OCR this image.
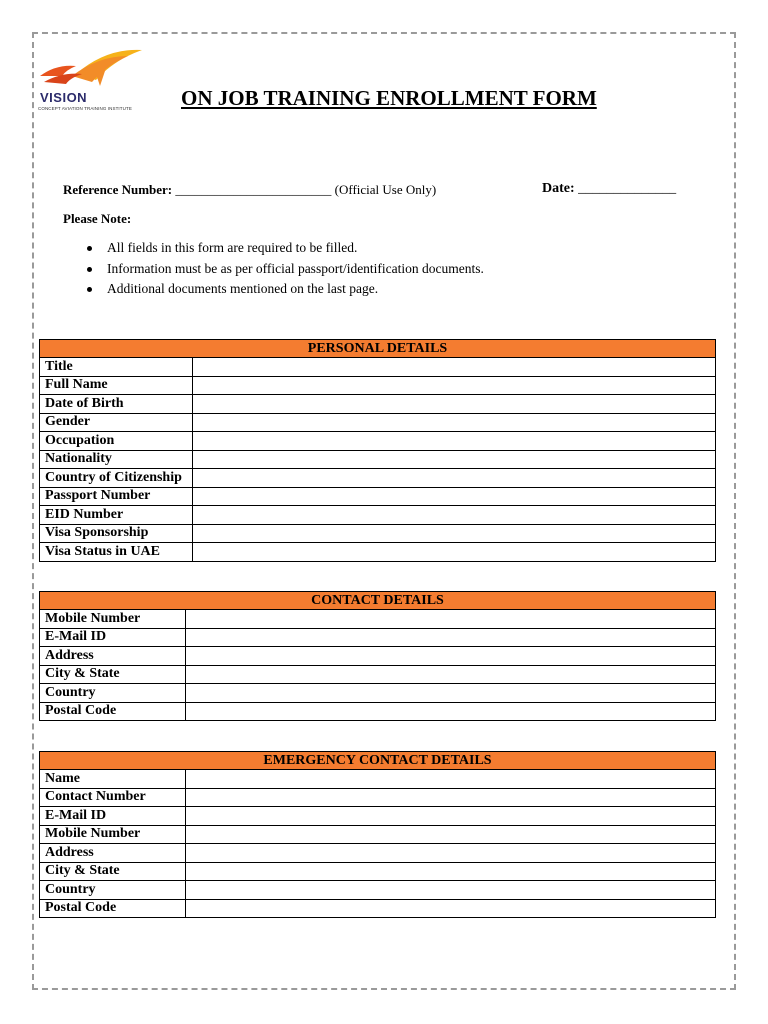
VISION
CONCEPT AVIATION TRAINING INSTITUTE ON JOB TRAINING ENROLLMENT FORM
Reference Number: ________________________ (Official Use Only)	Date: ______________
Please Note:
All fields in this form are required to be filled.
Information must be as per official passport/identification documents.
Additional documents mentioned on the last page.
PERSONAL DETAILS	
Title	
Full Name	
Date of Birth	
Gender	
Occupation	
Nationality	
Country of Citizenship	
Passport Number	
EID Number	
Visa Sponsorship	
Visa Status in UAE	
CONTACT DETAILS	
Mobile Number	
E-Mail ID	
Address	
City & State	
Country	
Postal Code	
EMERGENCY CONTACT DETAILS	
Name	
Contact Number	
E-Mail ID	
Mobile Number	
Address	
City & State	
Country	
Postal Code	
